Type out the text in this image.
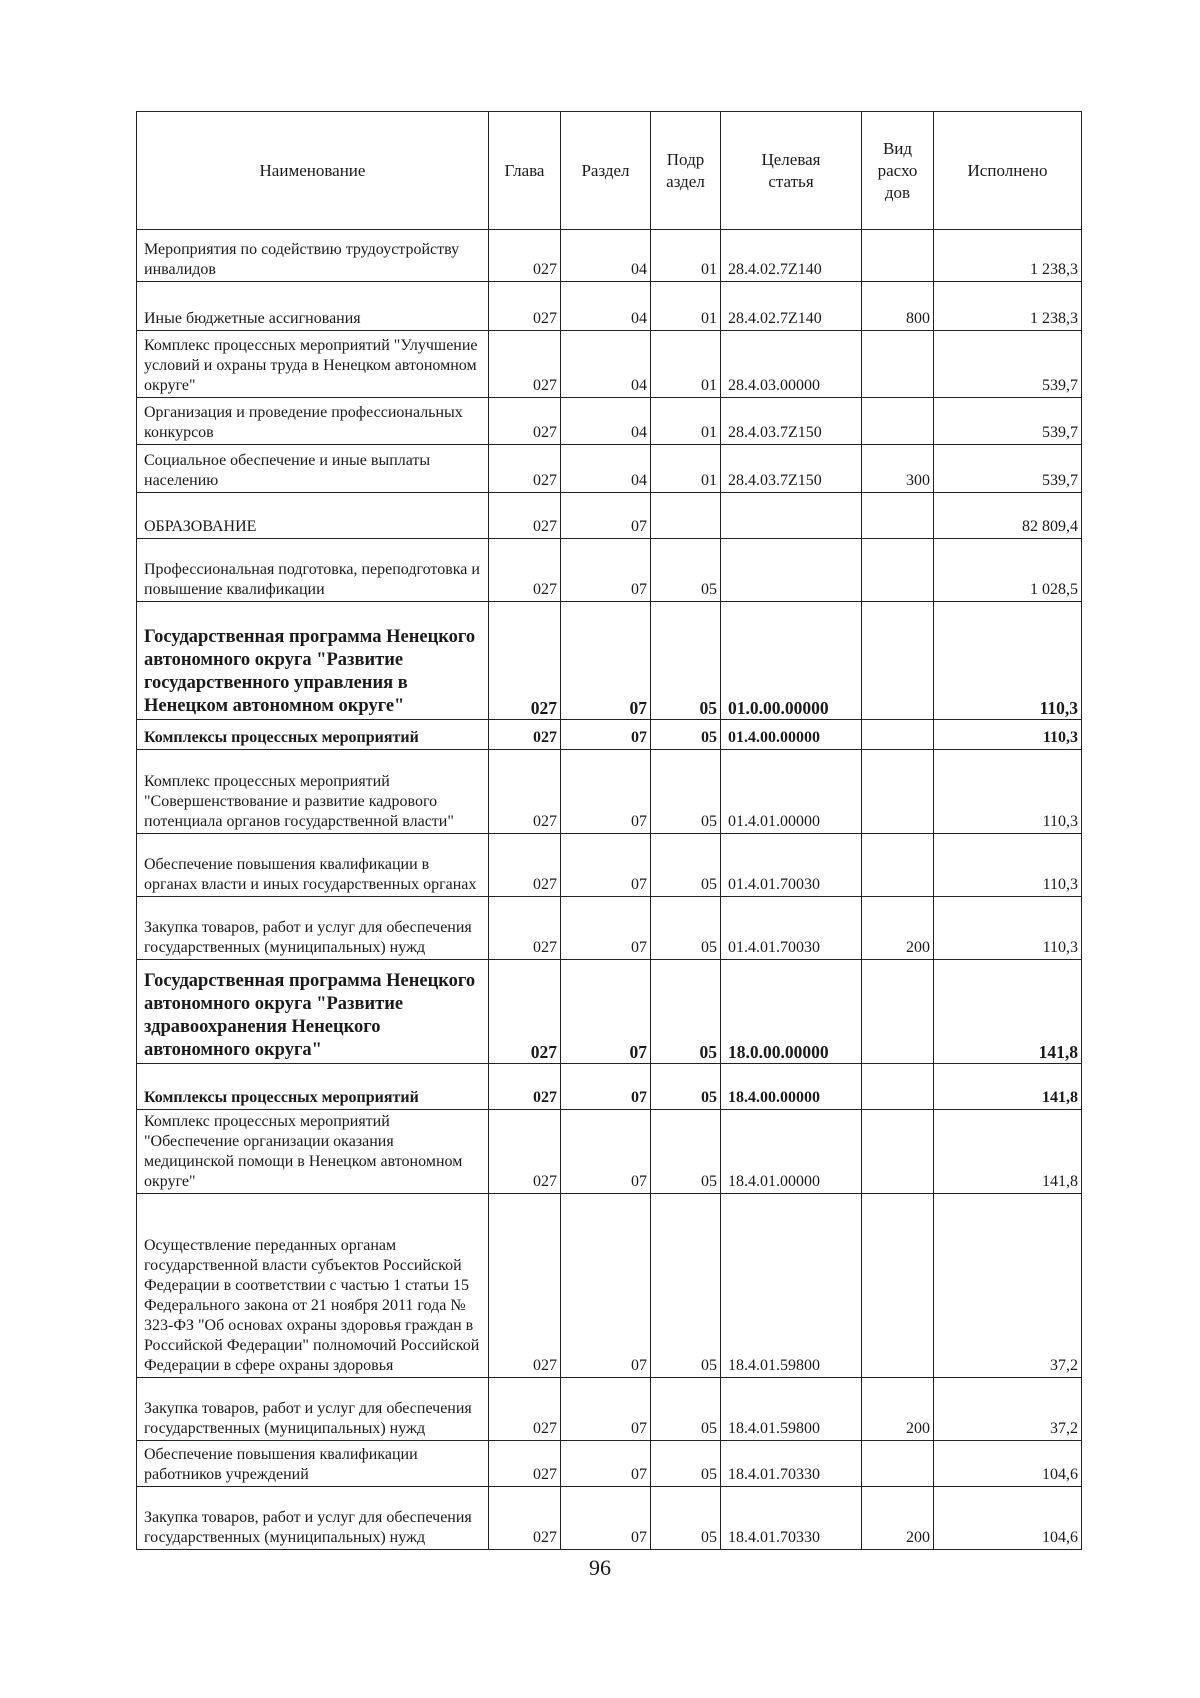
Наименование	Глава	Раздел	Подр аздел	Целевая статья	Вид расхо дов	Исполнено
Мероприятия по содействию трудоустройству инвалидов	027	04	01	28.4.02.7Z140		1 238,3
Иные бюджетные ассигнования	027	04	01	28.4.02.7Z140	800	1 238,3
Комплекс процессных мероприятий "Улучшение условий и охраны труда в Ненецком автономном округе"	027	04	01	28.4.03.00000		539,7
Организация и проведение профессиональных конкурсов	027	04	01	28.4.03.7Z150		539,7
Социальное обеспечение и иные выплаты населению	027	04	01	28.4.03.7Z150	300	539,7
ОБРАЗОВАНИЕ	027	07				82 809,4
Профессиональная подготовка, переподготовка и повышение квалификации	027	07	05			1 028,5
Государственная программа Ненецкого автономного округа "Развитие государственного управления в Ненецком автономном округе"	027	07	05	01.0.00.00000		110,3
Комплексы процессных мероприятий	027	07	05	01.4.00.00000		110,3
Комплекс процессных мероприятий "Совершенствование и развитие кадрового потенциала органов государственной власти"	027	07	05	01.4.01.00000		110,3
Обеспечение повышения квалификации в органах власти и иных государственных органах	027	07	05	01.4.01.70030		110,3
Закупка товаров, работ и услуг для обеспечения государственных (муниципальных) нужд	027	07	05	01.4.01.70030	200	110,3
Государственная программа Ненецкого автономного округа "Развитие здравоохранения Ненецкого автономного округа"	027	07	05	18.0.00.00000		141,8
Комплексы процессных мероприятий	027	07	05	18.4.00.00000		141,8
Комплекс процессных мероприятий "Обеспечение организации оказания медицинской помощи в Ненецком автономном округе"	027	07	05	18.4.01.00000		141,8
Осуществление переданных органам государственной власти субъектов Российской Федерации в соответствии с частью 1 статьи 15 Федерального закона от 21 ноября 2011 года № 323-ФЗ "Об основах охраны здоровья граждан в Российской Федерации" полномочий Российской Федерации в сфере охраны здоровья	027	07	05	18.4.01.59800		37,2
Закупка товаров, работ и услуг для обеспечения государственных (муниципальных) нужд	027	07	05	18.4.01.59800	200	37,2
Обеспечение повышения квалификации работников учреждений	027	07	05	18.4.01.70330		104,6
Закупка товаров, работ и услуг для обеспечения государственных (муниципальных) нужд	027	07	05	18.4.01.70330	200	104,6
96
